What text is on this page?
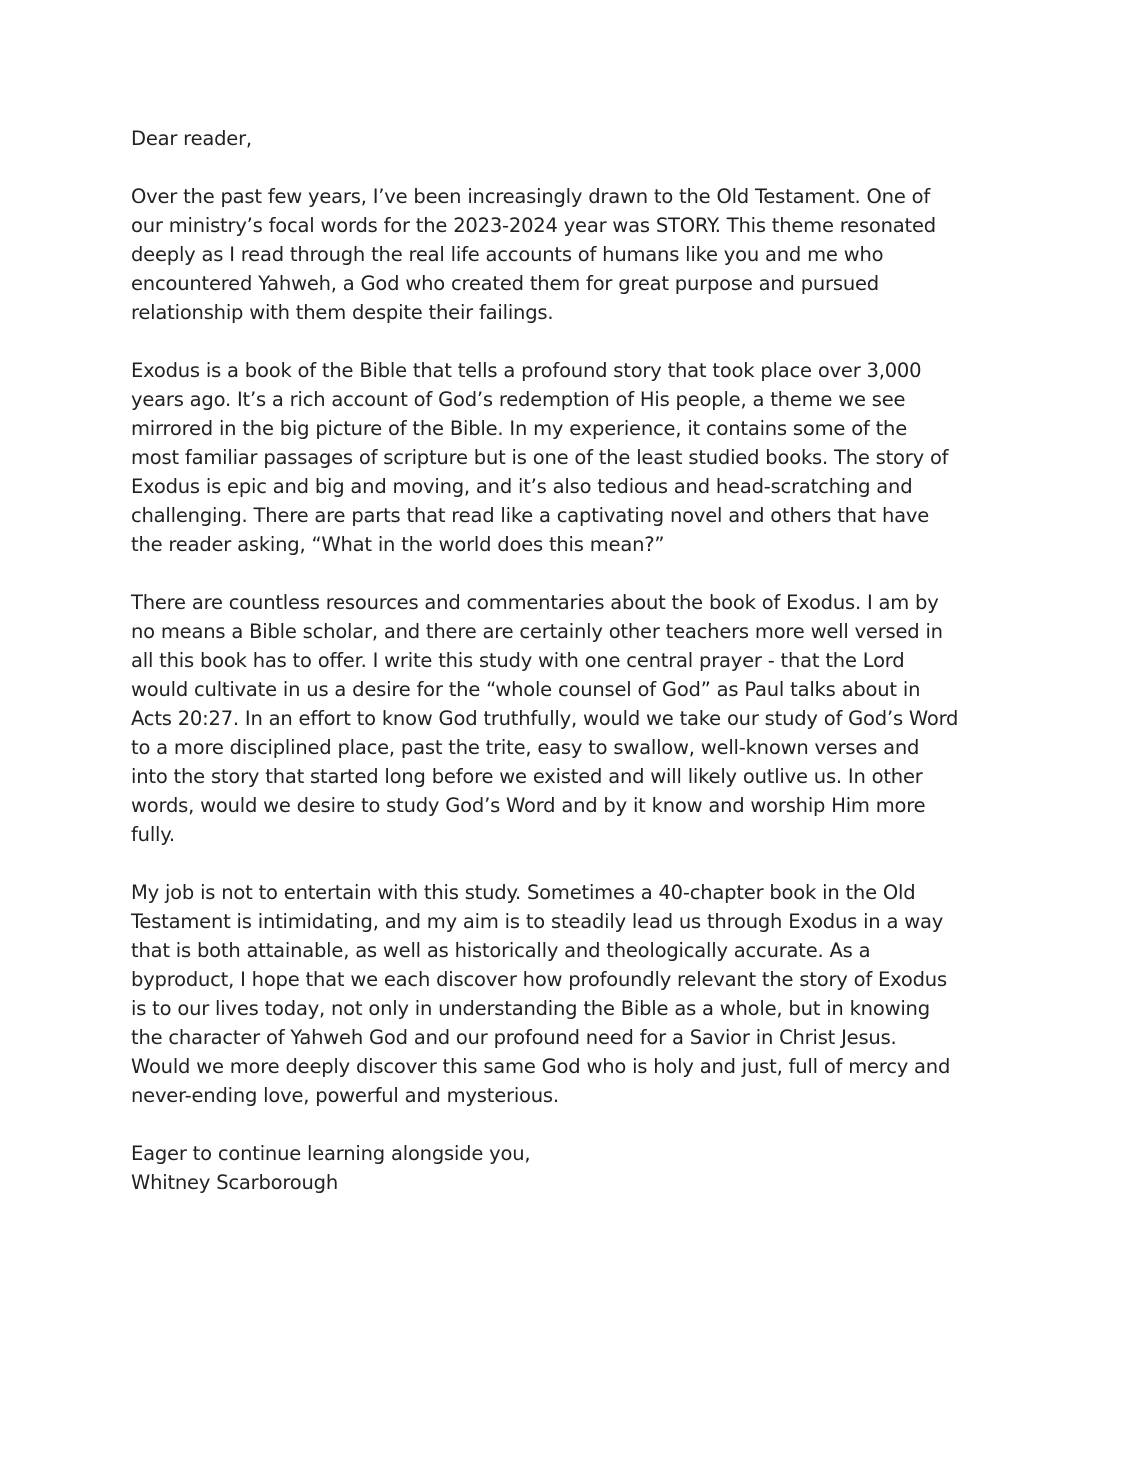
Dear reader,

Over the past few years, I’ve been increasingly drawn to the Old Testament. One of
our ministry’s focal words for the 2023-2024 year was STORY. This theme resonated
deeply as I read through the real life accounts of humans like you and me who
encountered Yahweh, a God who created them for great purpose and pursued
relationship with them despite their failings.

Exodus is a book of the Bible that tells a profound story that took place over 3,000
years ago. It’s a rich account of God’s redemption of His people, a theme we see
mirrored in the big picture of the Bible. In my experience, it contains some of the
most familiar passages of scripture but is one of the least studied books. The story of
Exodus is epic and big and moving, and it’s also tedious and head-scratching and
challenging. There are parts that read like a captivating novel and others that have
the reader asking, “What in the world does this mean?”

There are countless resources and commentaries about the book of Exodus. I am by
no means a Bible scholar, and there are certainly other teachers more well versed in
all this book has to offer. I write this study with one central prayer - that the Lord
would cultivate in us a desire for the “whole counsel of God” as Paul talks about in
Acts 20:27. In an effort to know God truthfully, would we take our study of God’s Word
to a more disciplined place, past the trite, easy to swallow, well-known verses and
into the story that started long before we existed and will likely outlive us. In other
words, would we desire to study God’s Word and by it know and worship Him more
fully.

My job is not to entertain with this study. Sometimes a 40-chapter book in the Old
Testament is intimidating, and my aim is to steadily lead us through Exodus in a way
that is both attainable, as well as historically and theologically accurate. As a
byproduct, I hope that we each discover how profoundly relevant the story of Exodus
is to our lives today, not only in understanding the Bible as a whole, but in knowing
the character of Yahweh God and our profound need for a Savior in Christ Jesus.
Would we more deeply discover this same God who is holy and just, full of mercy and
never-ending love, powerful and mysterious.

Eager to continue learning alongside you,
Whitney Scarborough
